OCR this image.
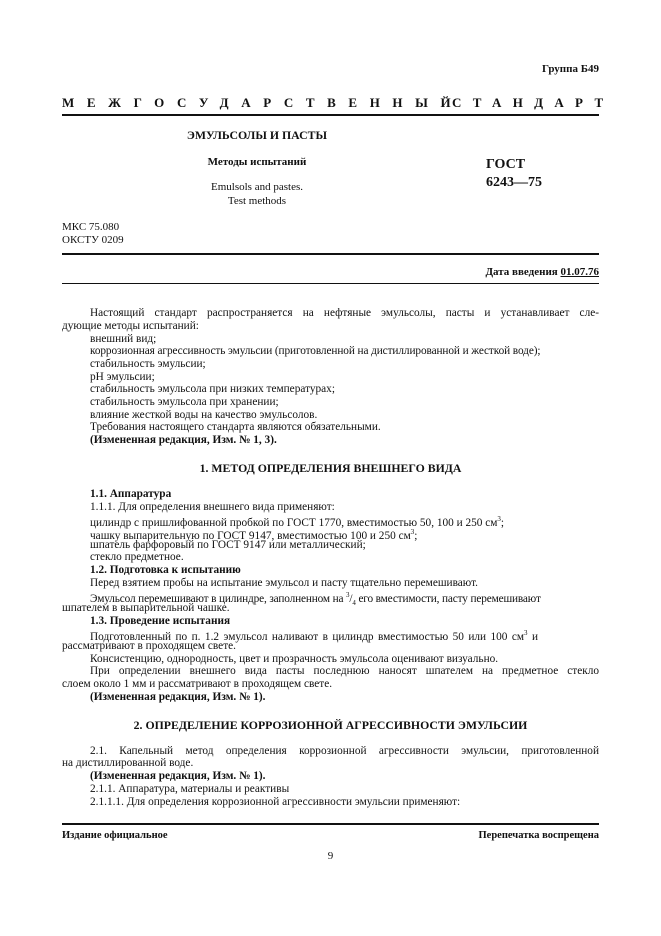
Группа Б49
МЕЖГОСУДАРСТВЕННЫЙ
СТАНДАРТ
ЭМУЛЬСОЛЫ И ПАСТЫ
Методы испытаний
Emulsols and pastes.
Test methods
ГОСТ
6243—75
МКС 75.080
ОКСТУ 0209
Дата введения 01.07.76
Настоящий стандарт распространяется на нефтяные эмульсолы, пасты и устанавливает сле-
дующие методы испытаний:
внешний вид;
коррозионная агрессивность эмульсии (приготовленной на дистиллированной и жесткой воде);
стабильность эмульсии;
pH эмульсии;
стабильность эмульсола при низких температурах;
стабильность эмульсола при хранении;
влияние жесткой воды на качество эмульсолов.
Требования настоящего стандарта являются обязательными.
(Измененная редакция, Изм. № 1, 3).
1. МЕТОД ОПРЕДЕЛЕНИЯ ВНЕШНЕГО ВИДА
1.1. Аппаратура
1.1.1. Для определения внешнего вида применяют:
цилиндр с пришлифованной пробкой по ГОСТ 1770, вместимостью 50, 100 и 250 $см^3$;
чашку выпарительную по ГОСТ 9147, вместимостью 100 и 250 $см^3$;
шпатель фарфоровый по ГОСТ 9147 или металлический;
стекло предметное.
1.2. Подготовка к испытанию
Перед взятием пробы на испытание эмульсол и пасту тщательно перемешивают.
Эмульсол перемешивают в цилиндре, заполненном на $^3/_4$ его вместимости, пасту перемешивают
шпателем в выпарительной чашке.
1.3. Проведение испытания
Подготовленный по п. 1.2 эмульсол наливают в цилиндр вместимостью 50 или 100 $см^3$ и
рассматривают в проходящем свете.
Консистенцию, однородность, цвет и прозрачность эмульсола оценивают визуально.
При определении внешнего вида пасты последнюю наносят шпателем на предметное стекло
слоем около 1 мм и рассматривают в проходящем свете.
(Измененная редакция, Изм. № 1).
2. ОПРЕДЕЛЕНИЕ КОРРОЗИОННОЙ АГРЕССИВНОСТИ ЭМУЛЬСИИ
2.1. Капельный метод определения коррозионной агрессивности эмульсии, приготовленной
на дистиллированной воде.
(Измененная редакция, Изм. № 1).
2.1.1. Аппаратура, материалы и реактивы
2.1.1.1. Для определения коррозионной агрессивности эмульсии применяют:
Издание официальное	Перепечатка воспрещена
9
